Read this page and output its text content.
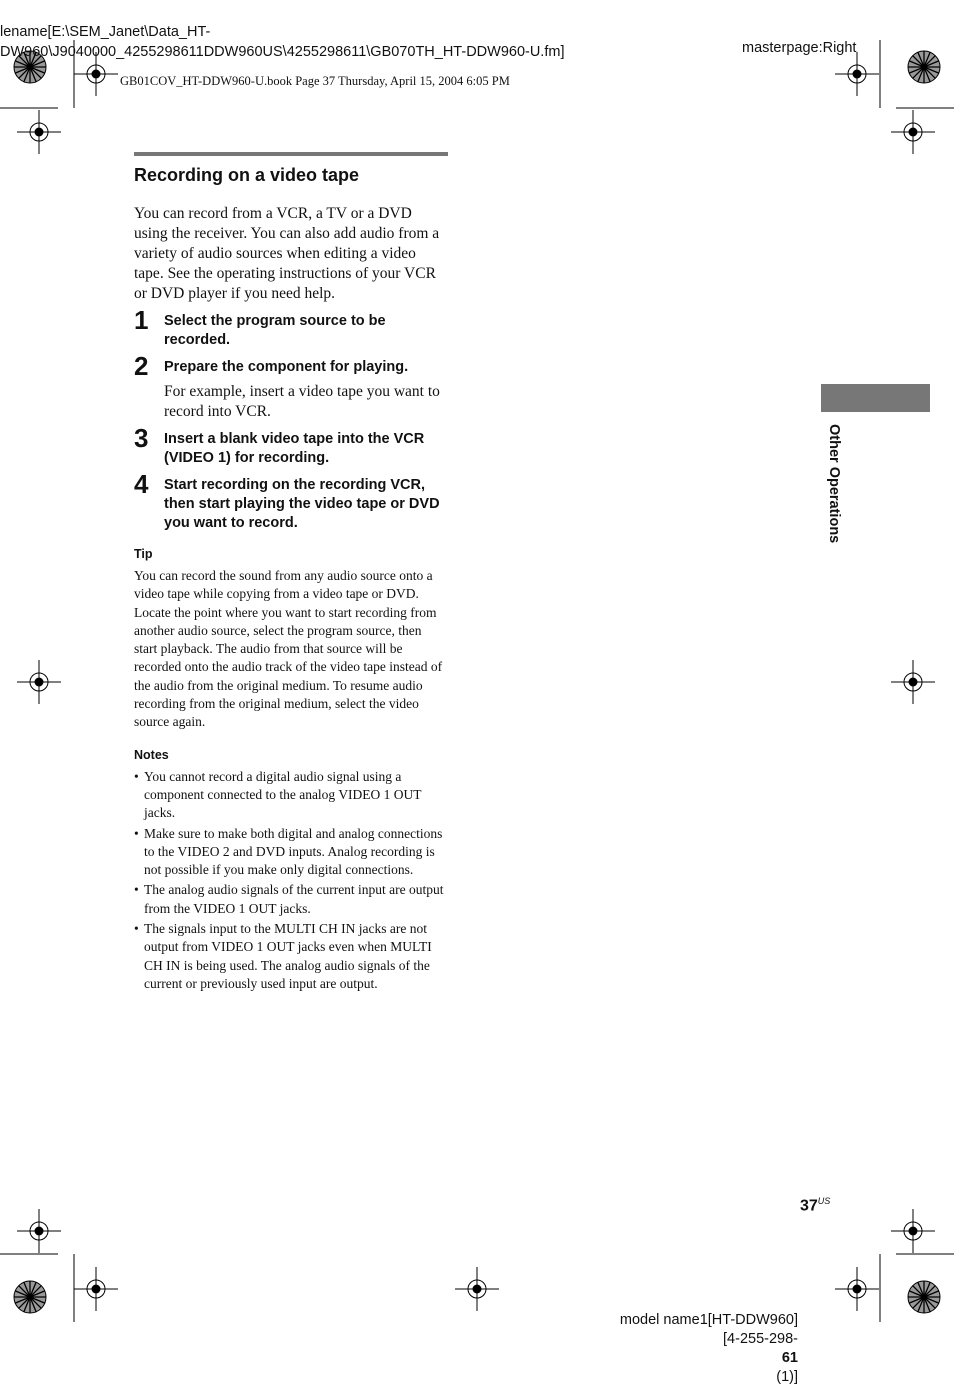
lename[E:\SEM_Janet\Data_HT-
DW960\J9040000_4255298611DDW960US\4255298611\GB070TH_HT-DDW960-U.fm]	masterpage:Right
GB01COV_HT-DDW960-U.book Page 37 Thursday, April 15, 2004 6:05 PM
Recording on a video tape

You can record from a VCR, a TV or a DVD using the receiver. You can also add audio from a variety of audio sources when editing a video tape. See the operating instructions of your VCR or DVD player if you need help.

1 Select the program source to be recorded.
2 Prepare the component for playing.
For example, insert a video tape you want to record into VCR.
3 Insert a blank video tape into the VCR (VIDEO 1) for recording.
4 Start recording on the recording VCR, then start playing the video tape or DVD you want to record.
Tip
You can record the sound from any audio source onto a video tape while copying from a video tape or DVD. Locate the point where you want to start recording from another audio source, select the program source, then start playback. The audio from that source will be recorded onto the audio track of the video tape instead of the audio from the original medium. To resume audio recording from the original medium, select the video source again.
Notes
• You cannot record a digital audio signal using a component connected to the analog VIDEO 1 OUT jacks.
• Make sure to make both digital and analog connections to the VIDEO 2 and DVD inputs. Analog recording is not possible if you make only digital connections.
• The analog audio signals of the current input are output from the VIDEO 1 OUT jacks.
• The signals input to the MULTI CH IN jacks are not output from VIDEO 1 OUT jacks even when MULTI CH IN is being used. The analog audio signals of the current or previously used input are output.
Other Operations
$37^{US}$
model name1[HT-DDW960]
[4-255-298-
61
(1)]
